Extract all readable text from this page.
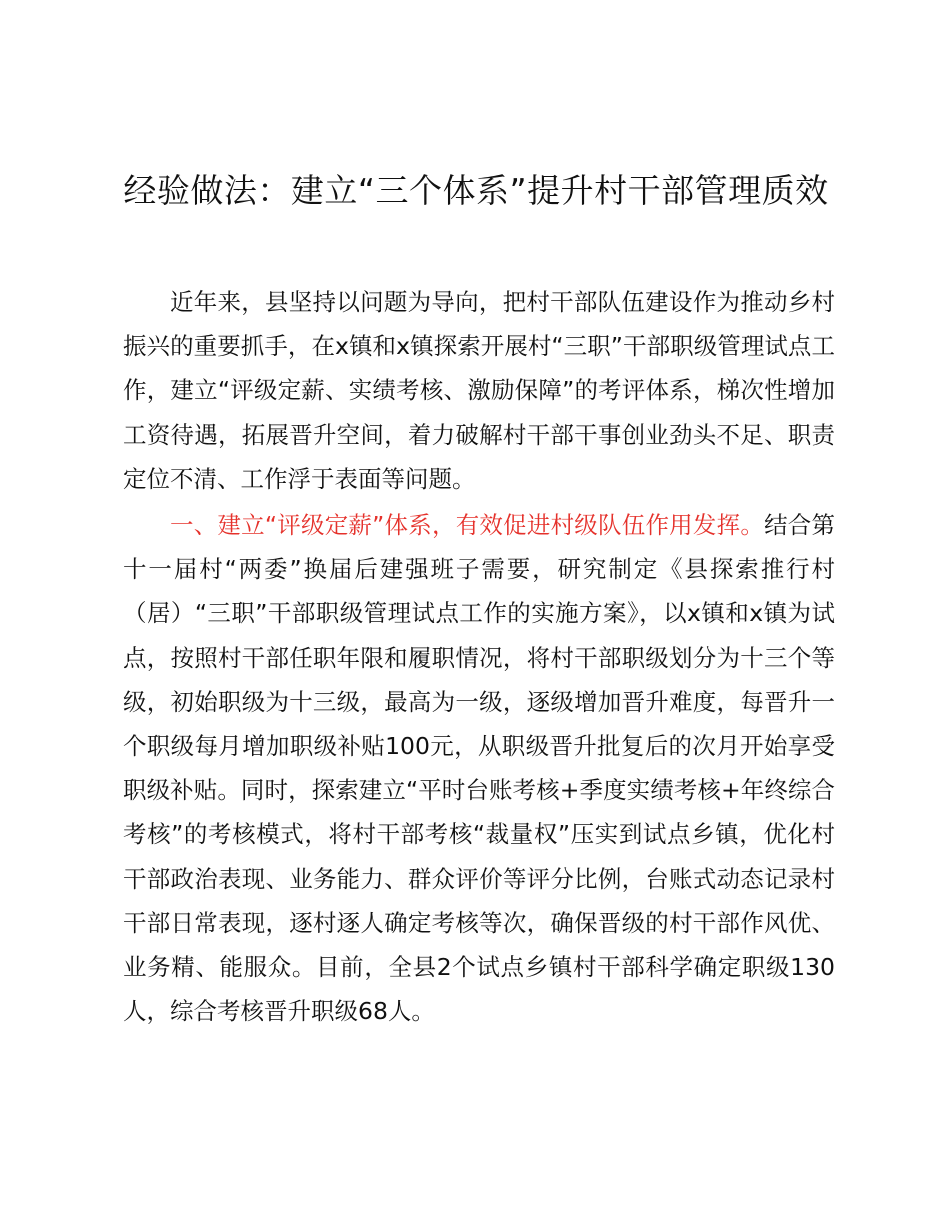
经验做法：建立“三个体系”提升村干部管理质效

近年来，县坚持以问题为导向，把村干部队伍建设作为推动乡村振兴的重要抓手，在x镇和x镇探索开展村“三职”干部职级管理试点工作，建立“评级定薪、实绩考核、激励保障”的考评体系，梯次性增加工资待遇，拓展晋升空间，着力破解村干部干事创业劲头不足、职责定位不清、工作浮于表面等问题。

一、建立“评级定薪”体系，有效促进村级队伍作用发挥。结合第十一届村“两委”换届后建强班子需要，研究制定《县探索推行村（居）“三职”干部职级管理试点工作的实施方案》，以x镇和x镇为试点，按照村干部任职年限和履职情况，将村干部职级划分为十三个等级，初始职级为十三级，最高为一级，逐级增加晋升难度，每晋升一个职级每月增加职级补贴100元，从职级晋升批复后的次月开始享受职级补贴。同时，探索建立“平时台账考核+季度实绩考核+年终综合考核”的考核模式，将村干部考核“裁量权”压实到试点乡镇，优化村干部政治表现、业务能力、群众评价等评分比例，台账式动态记录村干部日常表现，逐村逐人确定考核等次，确保晋级的村干部作风优、业务精、能服众。目前，全县2个试点乡镇村干部科学确定职级130人，综合考核晋升职级68人。
